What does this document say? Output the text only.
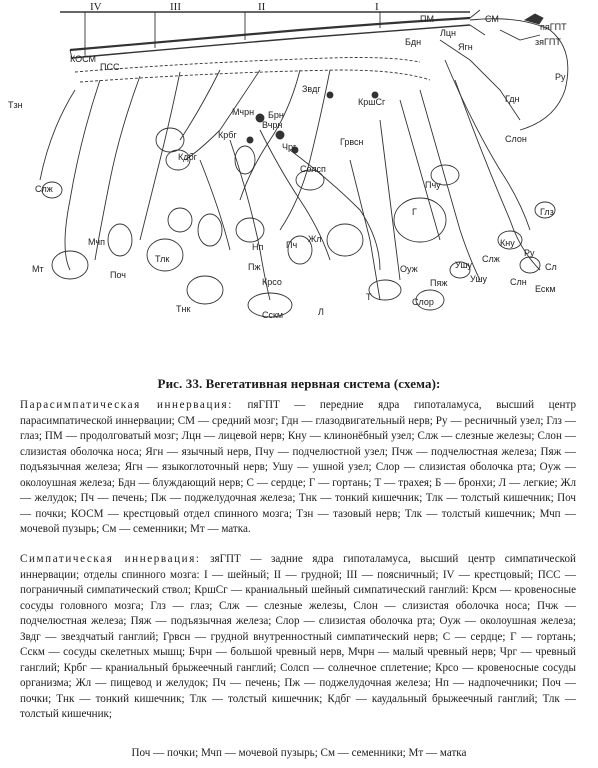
IV	III	II	I
СМ
ПМ
Лцн
Ягн
пяГПТ
зяГПТ
Бдн
Ру
ПСС
КОСМ
Тзн
Гдн
КршСг
Звдг
Мчрн Брн
Вчрн
Крбг
Чрг
Кдбг
Грвсн	Слон
Солсп
Слж
Мчп
Мт
Поч
Тлк
Тнк
Сскм
Жл
Пч
Нп
Пж
Крсо
Г
Л
Т	Слор
Оуж
Пчу
Пяж
Ушу
Глз
Кну
Слж
Слн
Ру
Сл
Ескм
Ушу
Рис. 33. Вегетативная нервная система (схема):

Парасимпатическая иннервация: пяГПТ — передние ядра гипоталамуса, высший центр парасимпатической иннервации; СМ — средний мозг; Гдн — глазодвигательный нерв; Ру — ресничный узел; Глз — глаз; ПМ — продолговатый мозг; Лцн — лицевой нерв; Кну — клинонёбный узел; Слж — слезные железы; Слон — слизистая оболочка носа; Ягн — язычный нерв, Пчу — подчелюстной узел; Пчж — подчелюстная железа; Пяж — подъязычная железа; Ягн — языкоглоточный нерв; Ушу — ушной узел; Слор — слизистая оболочка рта; Оуж — околоушная железа; Бдн — блуждающий нерв; С — сердце; Г — гортань; Т — трахея; Б — бронхи; Л — легкие; Жл — желудок; Пч — печень; Пж — поджелудочная железа; Тнк — тонкий кишечник; Тлк — толстый кишечник; Поч — почки; КОСМ — крестцовый отдел спинного мозга; Тзн — тазовый нерв; Тлк — толстый кишечник; Мчп — мочевой пузырь; См — семенники; Мт — матка.

Симпатическая иннервация: зяГПТ — задние ядра гипоталамуса, высший центр симпатической иннервации; отделы спинного мозга: I — шейный; II — грудной; III — поясничный; IV — крестцовый; ПСС — пограничный симпатический ствол; КршСг — краниальный шейный симпатический ганглий: Крсм — кровеносные сосуды головного мозга; Глз — глаз; Слж — слезные железы, Слон — слизистая оболочка носа; Пчж — подчелюстная железа; Пяж — подъязычная железа; Слор — слизистая оболочка рта; Оуж — околоушная железа; Звдг — звездчатый ганглий; Грвсн — грудной внутренностный симпатический нерв; С — сердце; Г — гортань; Сскм — сосуды скелетных мышц; Бчрн — большой чревный нерв, Мчрн — малый чревный нерв; Чрг — чревный ганглий; Крбг — краниальный брыжеечный ганглий; Солсп — солнечное сплетение; Крсо — кровеносные сосуды организма; Жл — пищевод и желудок; Пч — печень; Пж — поджелудочная железа; Нп — надпочечники; Поч — почки; Тнк — тонкий кишечник; Тлк — толстый кишечник; Кдбг — каудальный брыжеечный ганглий; Тлк — толстый кишечник;

Поч — почки; Мчп — мочевой пузырь; См — семенники; Мт — матка
